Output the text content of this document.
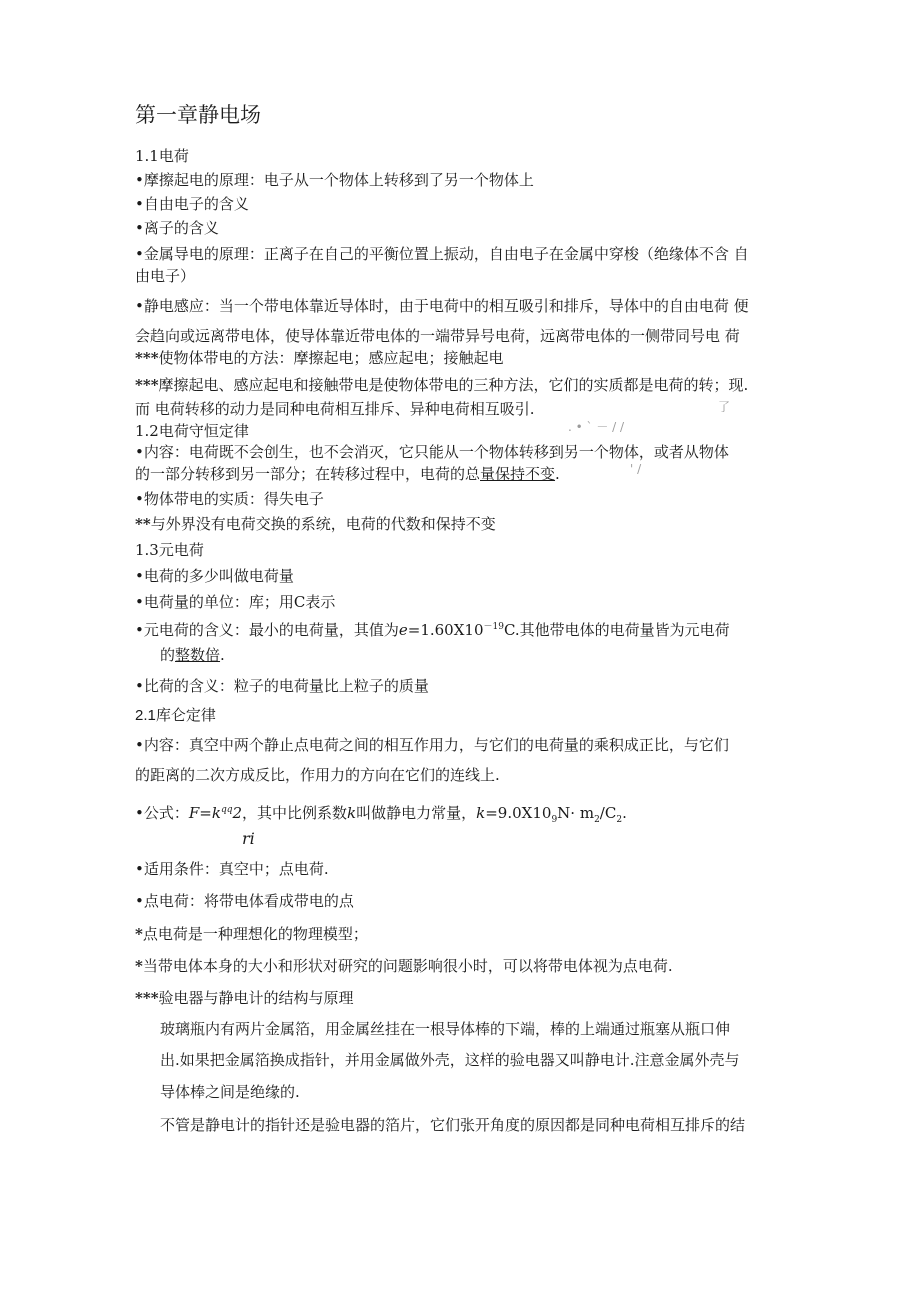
第一章静电场

1.1电荷

•摩擦起电的原理：电子从一个物体上转移到了另一个物体上

•自由电子的含义

•离子的含义

•金属导电的原理：正离子在自己的平衡位置上振动，自由电子在金属中穿梭（绝缘体不含 自

由电子）

•静电感应：当一个带电体靠近导体时，由于电荷中的相互吸引和排斥，导体中的自由电荷 便

会趋向或远离带电体，使导体靠近带电体的一端带异号电荷，远离带电体的一侧带同号电 荷

***使物体带电的方法：摩擦起电；感应起电；接触起电

***摩擦起电、感应起电和接触带电是使物体带电的三种方法，它们的实质都是电荷的转；现.

而 电荷转移的动力是同种电荷相互排斥、异种电荷相互吸引.	了

1.2电荷守恒定律	. • ` － / /

•内容：电荷既不会创生，也不会消灭，它只能从一个物体转移到另一个物体，或者从物体

的一部分转移到另一部分；在转移过程中，电荷的总量保持不变.	' /

•物体带电的实质：得失电子

**与外界没有电荷交换的系统，电荷的代数和保持不变

1.3元电荷

•电荷的多少叫做电荷量

•电荷量的单位：库；用C表示

•元电荷的含义：最小的电荷量，其值为$e=1.60X10^{-19}C$.其他带电体的电荷量皆为元电荷

的整数倍.

•比荷的含义：粒子的电荷量比上粒子的质量

2.1库仑定律

•内容：真空中两个静止点电荷之间的相互作用力，与它们的电荷量的乘积成正比，与它们

的距离的二次方成反比，作用力的方向在它们的连线上.

•公式：$F=k^{qq}2$，其中比例系数k叫做静电力常量，$k=9.0X10_9N\cdot m_2/C_2$.

ri

•适用条件：真空中；点电荷.

•点电荷：将带电体看成带电的点

*点电荷是一种理想化的物理模型；

*当带电体本身的大小和形状对研究的问题影响很小时，可以将带电体视为点电荷.

***验电器与静电计的结构与原理

玻璃瓶内有两片金属箔，用金属丝挂在一根导体棒的下端，棒的上端通过瓶塞从瓶口伸

出.如果把金属箔换成指针，并用金属做外壳，这样的验电器又叫静电计.注意金属外壳与

导体棒之间是绝缘的.

不管是静电计的指针还是验电器的箔片，它们张开角度的原因都是同种电荷相互排斥的结
